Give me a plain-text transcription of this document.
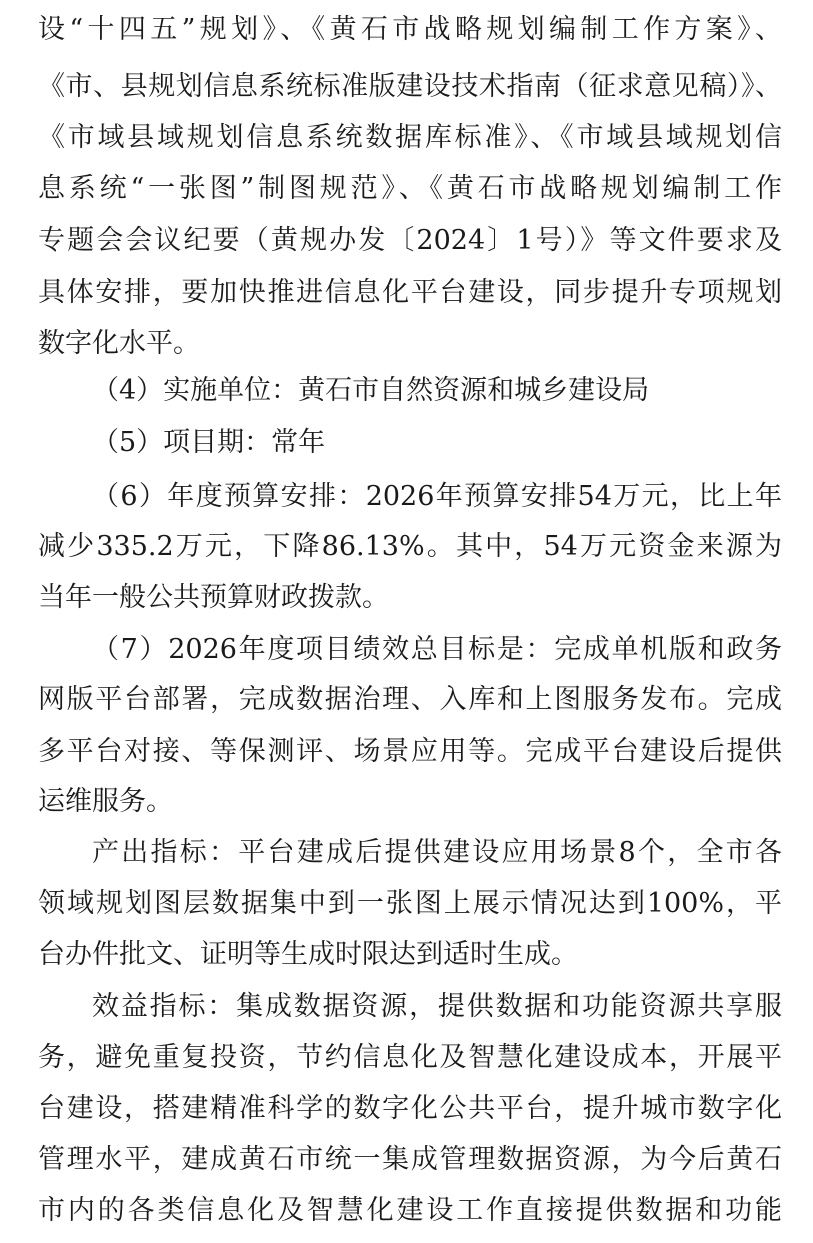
设“十四五”规划》、《黄石市战略规划编制工作方案》、
《市、县规划信息系统标准版建设技术指南（征求意见稿）》、
《市域县域规划信息系统数据库标准》、《市域县域规划信
息系统“一张图”制图规范》、《黄石市战略规划编制工作
专题会会议纪要（黄规办发〔2024〕1号）》等文件要求及
具体安排，要加快推进信息化平台建设，同步提升专项规划
数字化水平。
（4）实施单位：黄石市自然资源和城乡建设局
（5）项目期：常年
（6）年度预算安排：2026年预算安排54万元，比上年
减少335.2万元，下降86.13%。其中，54万元资金来源为
当年一般公共预算财政拨款。
（7）2026年度项目绩效总目标是：完成单机版和政务
网版平台部署，完成数据治理、入库和上图服务发布。完成
多平台对接、等保测评、场景应用等。完成平台建设后提供
运维服务。
产出指标：平台建成后提供建设应用场景8个，全市各
领域规划图层数据集中到一张图上展示情况达到100%，平
台办件批文、证明等生成时限达到适时生成。
效益指标：集成数据资源，提供数据和功能资源共享服
务，避免重复投资，节约信息化及智慧化建设成本，开展平
台建设，搭建精准科学的数字化公共平台，提升城市数字化
管理水平，建成黄石市统一集成管理数据资源，为今后黄石
市内的各类信息化及智慧化建设工作直接提供数据和功能
